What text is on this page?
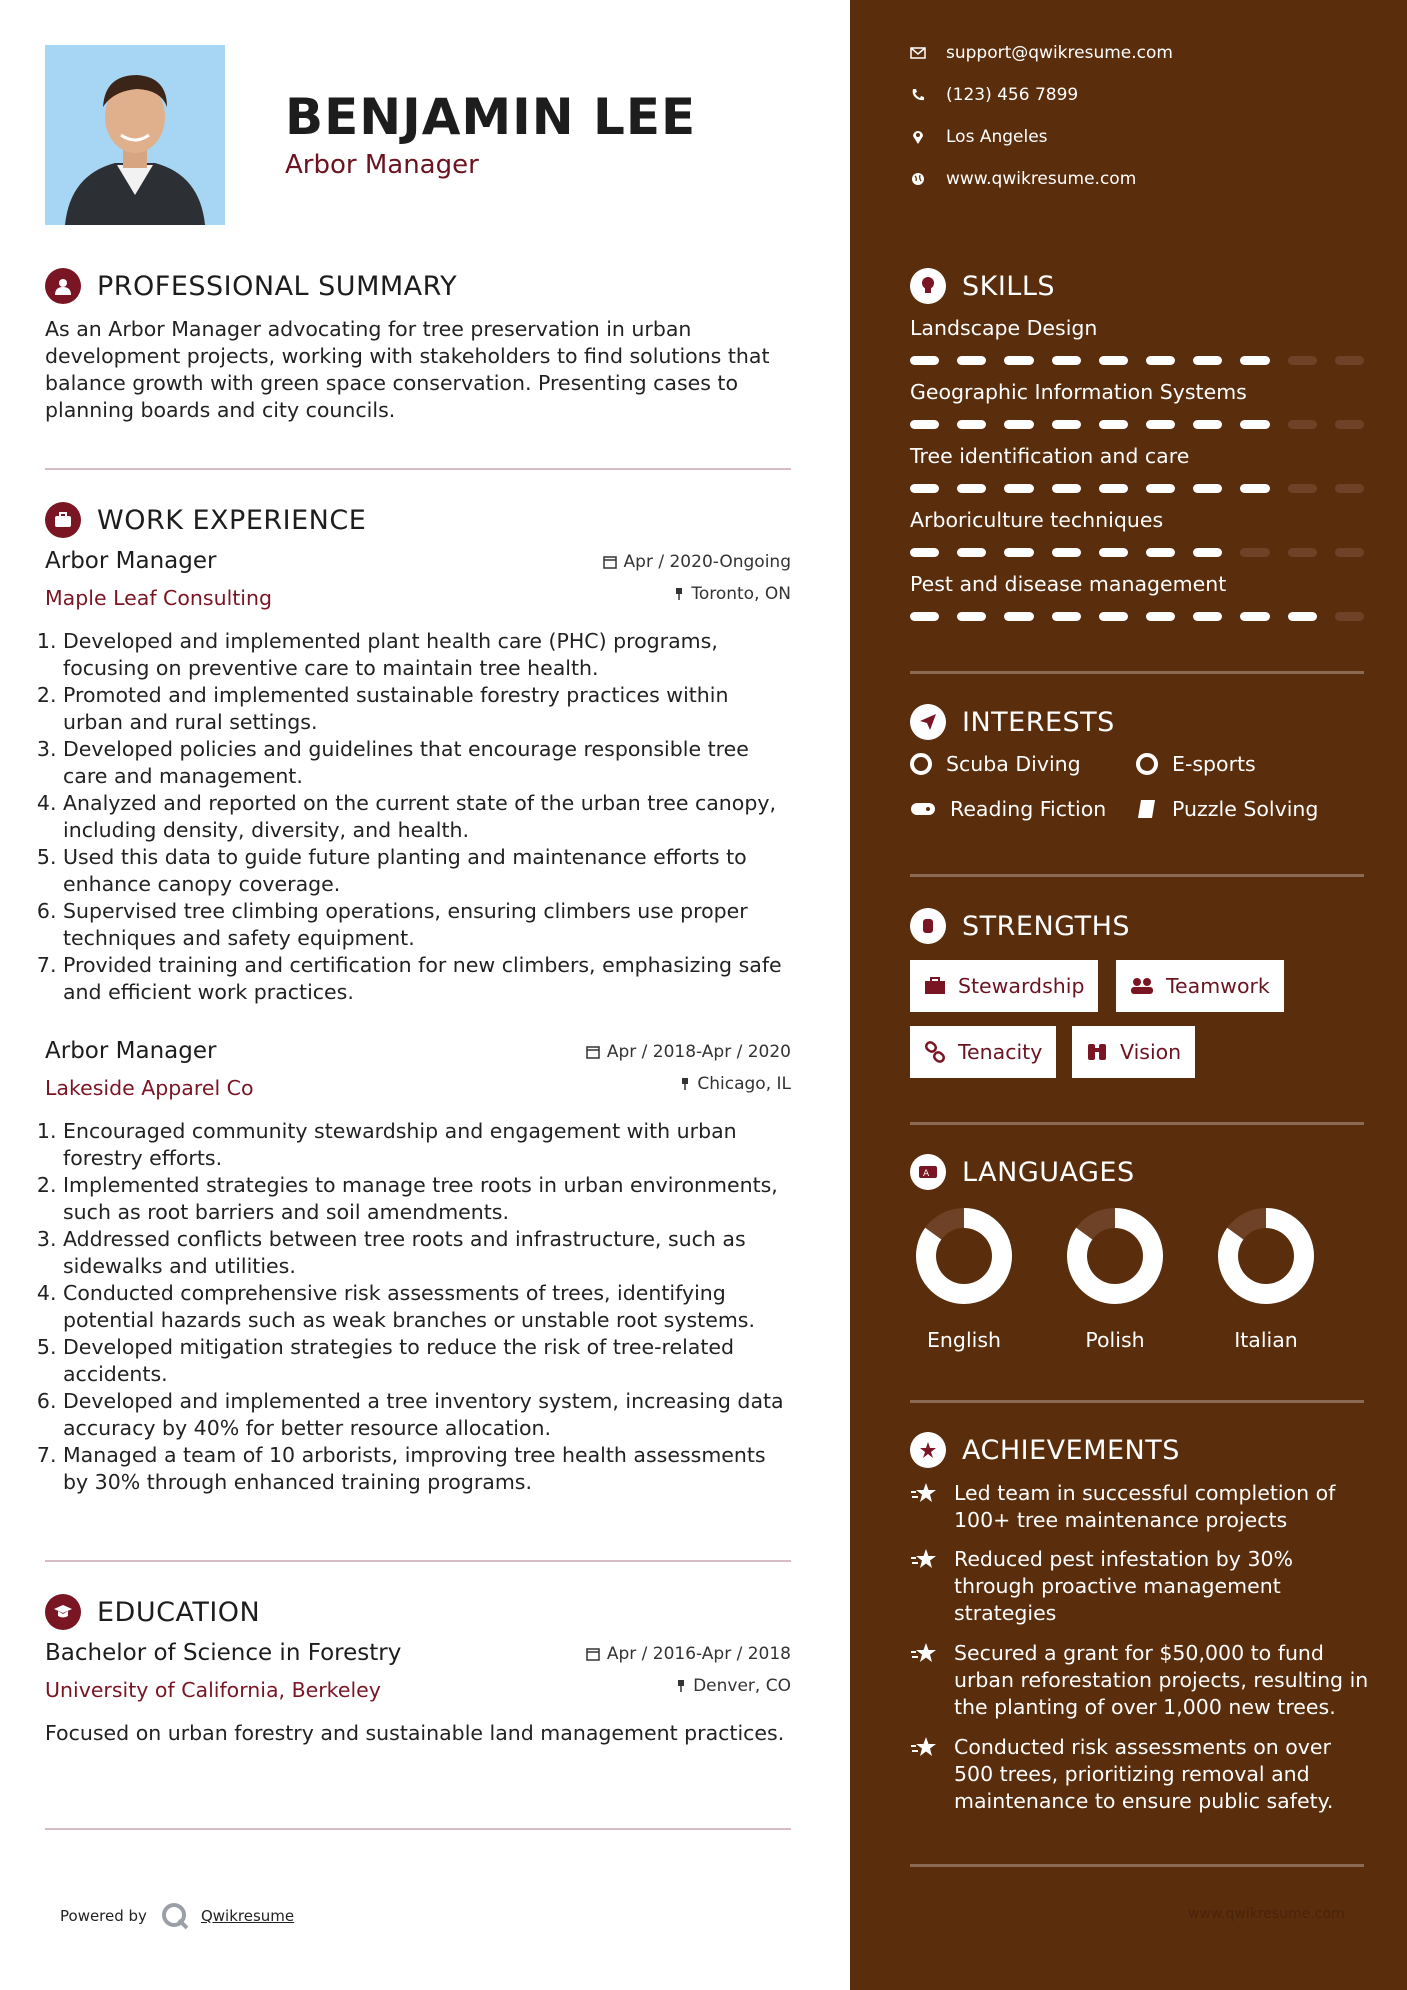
BENJAMIN LEE
Arbor Manager
PROFESSIONAL SUMMARY
As an Arbor Manager advocating for tree preservation in urban development projects, working with stakeholders to find solutions that balance growth with green space conservation. Presenting cases to planning boards and city councils.
WORK EXPERIENCE
Arbor Manager
Maple Leaf Consulting
Apr / 2020-Ongoing
Toronto, ON
1. Developed and implemented plant health care (PHC) programs, focusing on preventive care to maintain tree health.
2. Promoted and implemented sustainable forestry practices within urban and rural settings.
3. Developed policies and guidelines that encourage responsible tree care and management.
4. Analyzed and reported on the current state of the urban tree canopy, including density, diversity, and health.
5. Used this data to guide future planting and maintenance efforts to enhance canopy coverage.
6. Supervised tree climbing operations, ensuring climbers use proper techniques and safety equipment.
7. Provided training and certification for new climbers, emphasizing safe and efficient work practices.
Arbor Manager
Lakeside Apparel Co
Apr / 2018-Apr / 2020
Chicago, IL
1. Encouraged community stewardship and engagement with urban forestry efforts.
2. Implemented strategies to manage tree roots in urban environments, such as root barriers and soil amendments.
3. Addressed conflicts between tree roots and infrastructure, such as sidewalks and utilities.
4. Conducted comprehensive risk assessments of trees, identifying potential hazards such as weak branches or unstable root systems.
5. Developed mitigation strategies to reduce the risk of tree-related accidents.
6. Developed and implemented a tree inventory system, increasing data accuracy by 40% for better resource allocation.
7. Managed a team of 10 arborists, improving tree health assessments by 30% through enhanced training programs.
EDUCATION
Bachelor of Science in Forestry
University of California, Berkeley
Apr / 2016-Apr / 2018
Denver, CO
Focused on urban forestry and sustainable land management practices.
Powered by	Qwikresume
support@qwikresume.com
(123) 456 7899
Los Angeles
www.qwikresume.com
SKILLS
Landscape Design
Geographic Information Systems
Tree identification and care
Arboriculture techniques
Pest and disease management
INTERESTS
Scuba Diving	E-sports
Reading Fiction	Puzzle Solving
STRENGTHS
Stewardship	Teamwork
Tenacity	Vision
A LANGUAGES
English	Polish	Italian
ACHIEVEMENTS
Led team in successful completion of 100+ tree maintenance projects
Reduced pest infestation by 30% through proactive management strategies
Secured a grant for $50,000 to fund urban reforestation projects, resulting in the planting of over 1,000 new trees.
Conducted risk assessments on over 500 trees, prioritizing removal and maintenance to ensure public safety.
www.qwikresume.com
